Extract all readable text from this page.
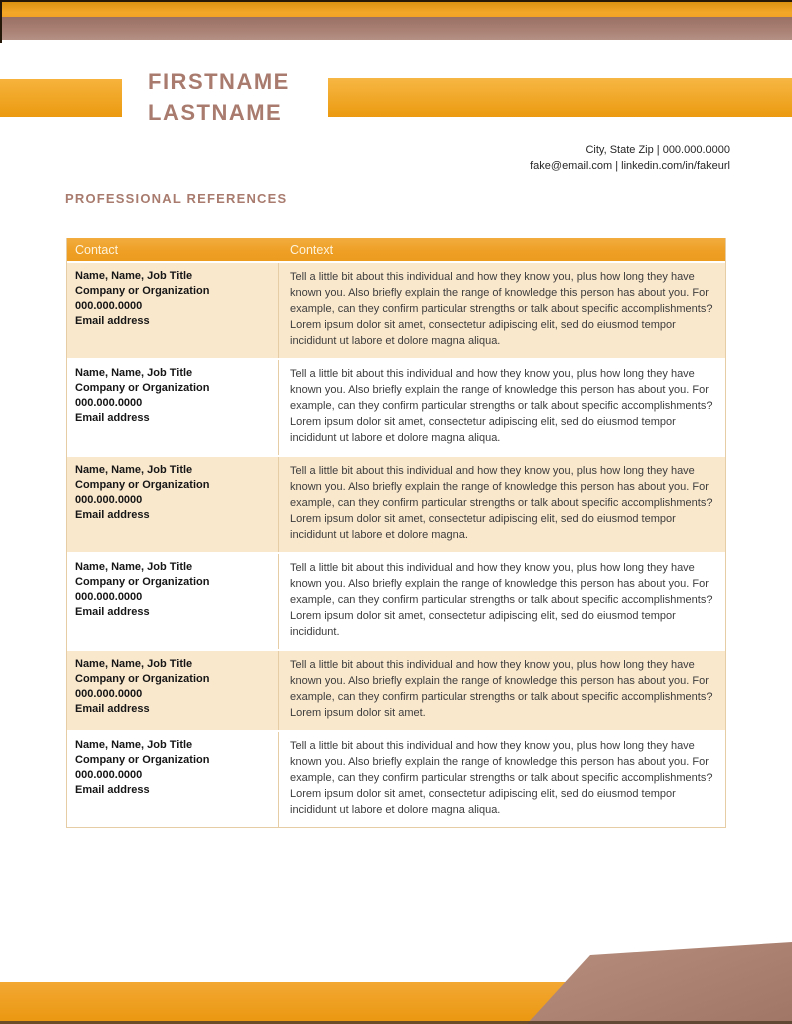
FIRSTNAME
LASTNAME
City, State Zip | 000.000.0000
fake@email.com | linkedin.com/in/fakeurl
PROFESSIONAL REFERENCES
Contact	Context
Name, Name, Job Title
Company or Organization
000.000.0000
Email address
Tell a little bit about this individual and how they know you, plus how long they have known you. Also briefly explain the range of knowledge this person has about you. For example, can they confirm particular strengths or talk about specific accomplishments? Lorem ipsum dolor sit amet, consectetur adipiscing elit, sed do eiusmod tempor incididunt ut labore et dolore magna aliqua.
Name, Name, Job Title
Company or Organization
000.000.0000
Email address
Tell a little bit about this individual and how they know you, plus how long they have known you. Also briefly explain the range of knowledge this person has about you. For example, can they confirm particular strengths or talk about specific accomplishments? Lorem ipsum dolor sit amet, consectetur adipiscing elit, sed do eiusmod tempor incididunt ut labore et dolore magna aliqua.
Name, Name, Job Title
Company or Organization
000.000.0000
Email address
Tell a little bit about this individual and how they know you, plus how long they have known you. Also briefly explain the range of knowledge this person has about you. For example, can they confirm particular strengths or talk about specific accomplishments? Lorem ipsum dolor sit amet, consectetur adipiscing elit, sed do eiusmod tempor incididunt ut labore et dolore magna.
Name, Name, Job Title
Company or Organization
000.000.0000
Email address
Tell a little bit about this individual and how they know you, plus how long they have known you. Also briefly explain the range of knowledge this person has about you. For example, can they confirm particular strengths or talk about specific accomplishments? Lorem ipsum dolor sit amet, consectetur adipiscing elit, sed do eiusmod tempor incididunt.
Name, Name, Job Title
Company or Organization
000.000.0000
Email address
Tell a little bit about this individual and how they know you, plus how long they have known you. Also briefly explain the range of knowledge this person has about you. For example, can they confirm particular strengths or talk about specific accomplishments? Lorem ipsum dolor sit amet.
Name, Name, Job Title
Company or Organization
000.000.0000
Email address
Tell a little bit about this individual and how they know you, plus how long they have known you. Also briefly explain the range of knowledge this person has about you. For example, can they confirm particular strengths or talk about specific accomplishments? Lorem ipsum dolor sit amet, consectetur adipiscing elit, sed do eiusmod tempor incididunt ut labore et dolore magna aliqua.
